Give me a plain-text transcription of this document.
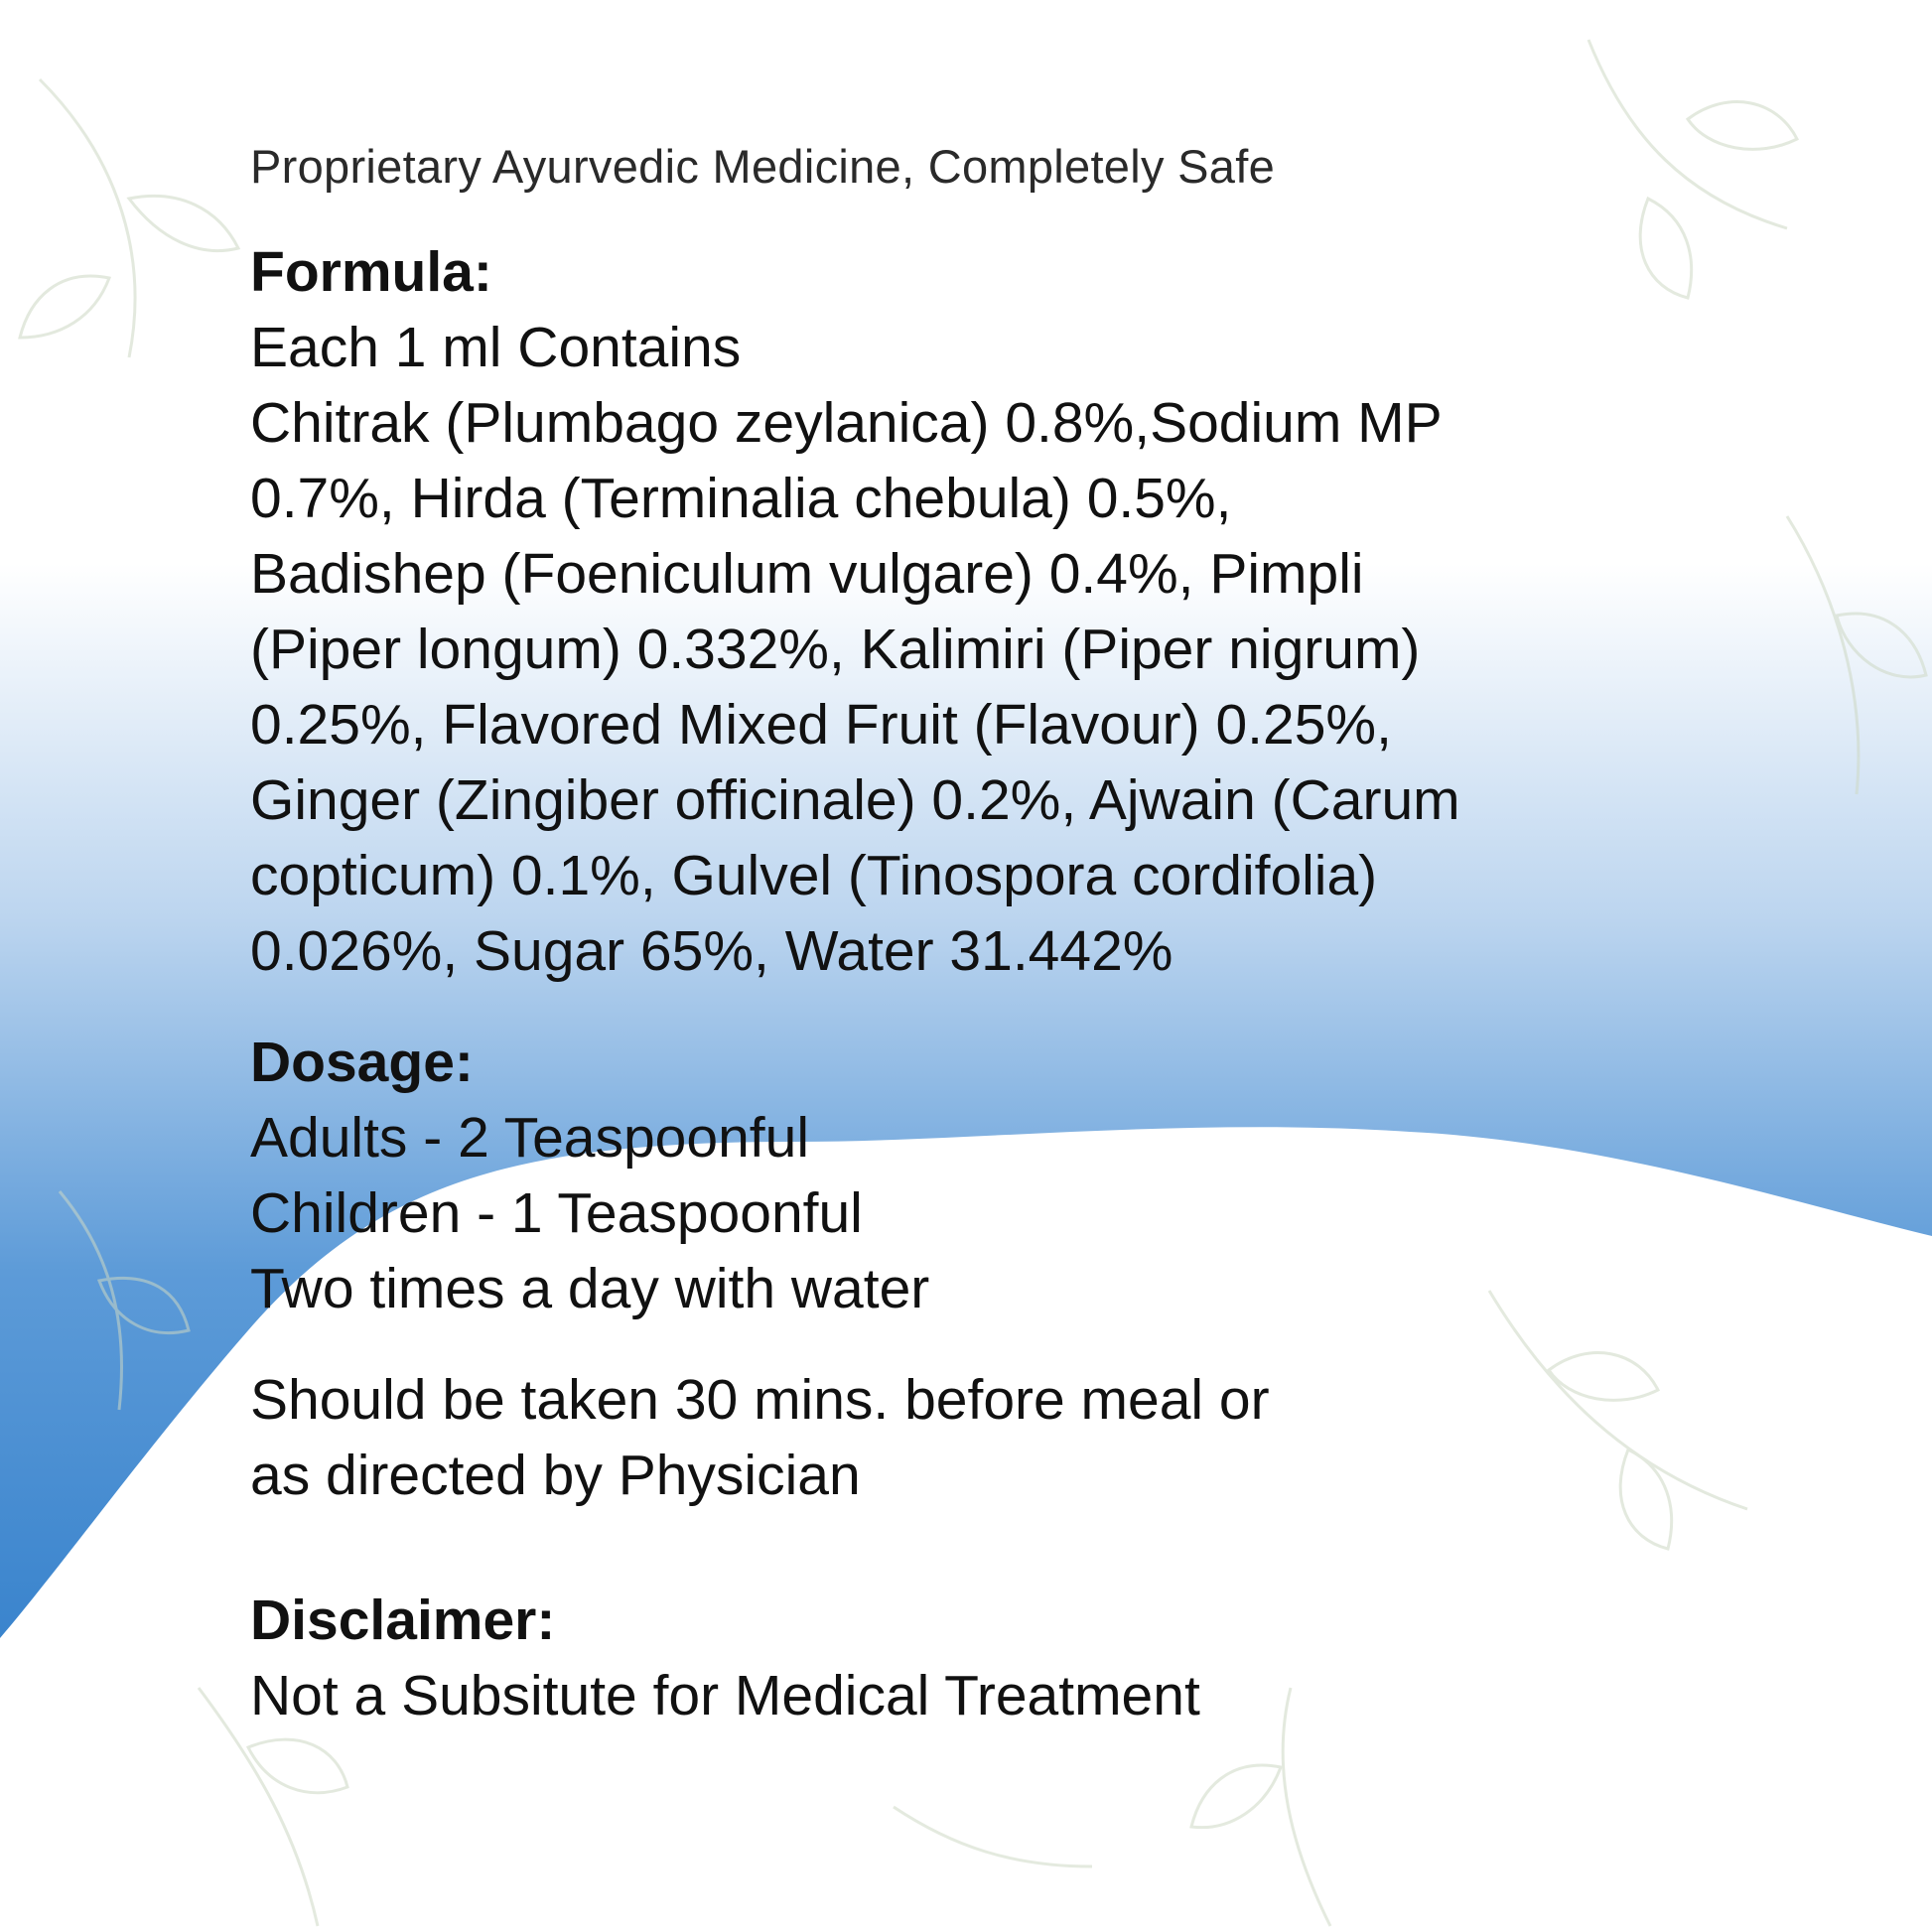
Proprietary Ayurvedic Medicine, Completely Safe

Formula:

Each 1 ml Contains

Chitrak (Plumbago zeylanica) 0.8%,Sodium MP

0.7%, Hirda (Terminalia chebula) 0.5%,

Badishep (Foeniculum vulgare) 0.4%, Pimpli

(Piper longum) 0.332%, Kalimiri (Piper nigrum)

0.25%, Flavored Mixed Fruit (Flavour) 0.25%,

Ginger (Zingiber officinale) 0.2%, Ajwain (Carum

copticum) 0.1%, Gulvel (Tinospora cordifolia)

0.026%, Sugar 65%, Water 31.442%

Dosage:

Adults - 2 Teaspoonful

Children - 1 Teaspoonful

Two times a day with water

Should be taken 30 mins. before meal or

as directed by Physician

Disclaimer:

Not a Subsitute for Medical Treatment
